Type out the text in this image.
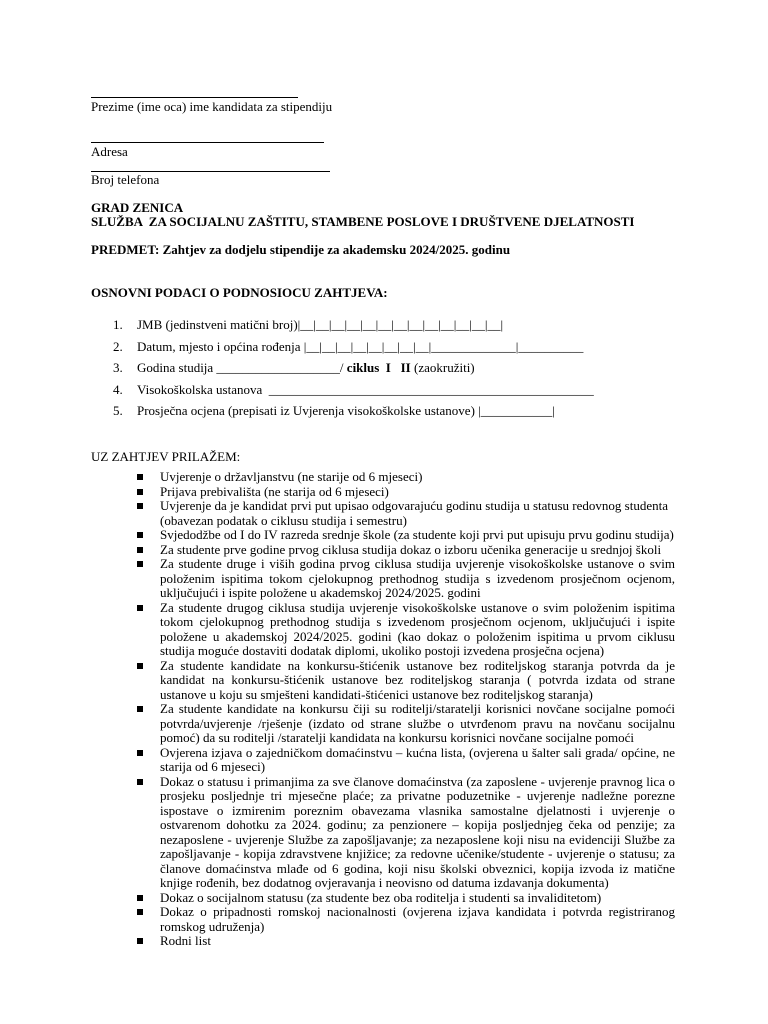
Prezime (ime oca) ime kandidata za stipendiju
Adresa
Broj telefona
GRAD ZENICA
SLUŽBA  ZA SOCIJALNU ZAŠTITU, STAMBENE POSLOVE I DRUŠTVENE DJELATNOSTI
PREDMET: Zahtjev za dodjelu stipendije za akademsku 2024/2025. godinu
OSNOVNI PODACI O PODNOSIOCU ZAHTJEVA:

1.

JMB (jedinstveni matični broj)|__|__|__|__|__|__|__|__|__|__|__|__|__|

2.

Datum, mjesto i općina rođenja |__|__|__|__|__|__|__|__|_____________|__________

3.

Godina studija ___________________/ ciklus  I   II (zaokružiti)

4.

Visokoškolska ustanova  __________________________________________________

5.

Prosječna ocjena (prepisati iz Uvjerenja visokoškolske ustanove) |___________|

UZ ZAHTJEV PRILAŽEM:
Uvjerenje o državljanstvu (ne starije od 6 mjeseci)
Prijava prebivališta (ne starija od 6 mjeseci)
Uvjerenje da je kandidat prvi put upisao odgovarajuću godinu studija u statusu redovnog studenta
(obavezan podatak o ciklusu studija i semestru)
Svjedodžbe od I do IV razreda srednje škole (za studente koji prvi put upisuju prvu godinu studija)
Za studente prve godine prvog ciklusa studija dokaz o izboru učenika generacije u srednjoj školi
Za studente druge i viših godina prvog ciklusa studija uvjerenje visokoškolske ustanove o svim položenim ispitima tokom cjelokupnog prethodnog studija s izvedenom prosječnom ocjenom, uključujući i ispite položene u akademskoj 2024/2025. godini
Za studente drugog ciklusa studija uvjerenje visokoškolske ustanove o svim položenim ispitima tokom cjelokupnog prethodnog studija s izvedenom prosječnom ocjenom, uključujući i ispite položene u akademskoj 2024/2025. godini (kao dokaz o položenim ispitima u prvom ciklusu studija moguće dostaviti dodatak diplomi, ukoliko postoji izvedena prosječna ocjena)
Za studente kandidate na konkursu-štićenik ustanove bez roditeljskog staranja potvrda da je kandidat na konkursu-štićenik ustanove bez roditeljskog staranja ( potvrda izdata od strane ustanove u koju su smješteni kandidati-štićenici ustanove bez roditeljskog staranja)
Za studente kandidate na konkursu čiji su roditelji/staratelji korisnici novčane socijalne pomoći potvrda/uvjerenje /rješenje (izdato od strane službe o utvrđenom pravu na novčanu socijalnu pomoć) da su roditelji /staratelji kandidata na konkursu korisnici novčane socijalne pomoći
Ovjerena izjava o zajedničkom domaćinstvu – kućna lista, (ovjerena u šalter sali grada/ općine, ne starija od 6 mjeseci)
Dokaz o statusu i primanjima za sve članove domaćinstva (za zaposlene - uvjerenje pravnog lica o prosjeku posljednje tri mjesečne plaće; za privatne poduzetnike - uvjerenje nadležne porezne ispostave o izmirenim poreznim obavezama vlasnika samostalne djelatnosti i uvjerenje o ostvarenom dohotku za 2024. godinu; za penzionere – kopija posljednjeg čeka od penzije; za nezaposlene - uvjerenje Službe za zapošljavanje; za nezaposlene koji nisu na evidenciji Službe za zapošljavanje - kopija zdravstvene knjižice; za redovne učenike/studente - uvjerenje o statusu; za članove domaćinstva mlađe od 6 godina, koji nisu školski obveznici, kopija izvoda iz matične knjige rođenih, bez dodatnog ovjeravanja i neovisno od datuma izdavanja dokumenta)
Dokaz o socijalnom statusu (za studente bez oba roditelja i studenti sa invaliditetom)
Dokaz o pripadnosti romskoj nacionalnosti (ovjerena izjava kandidata i potvrda registriranog romskog udruženja)
Rodni list
